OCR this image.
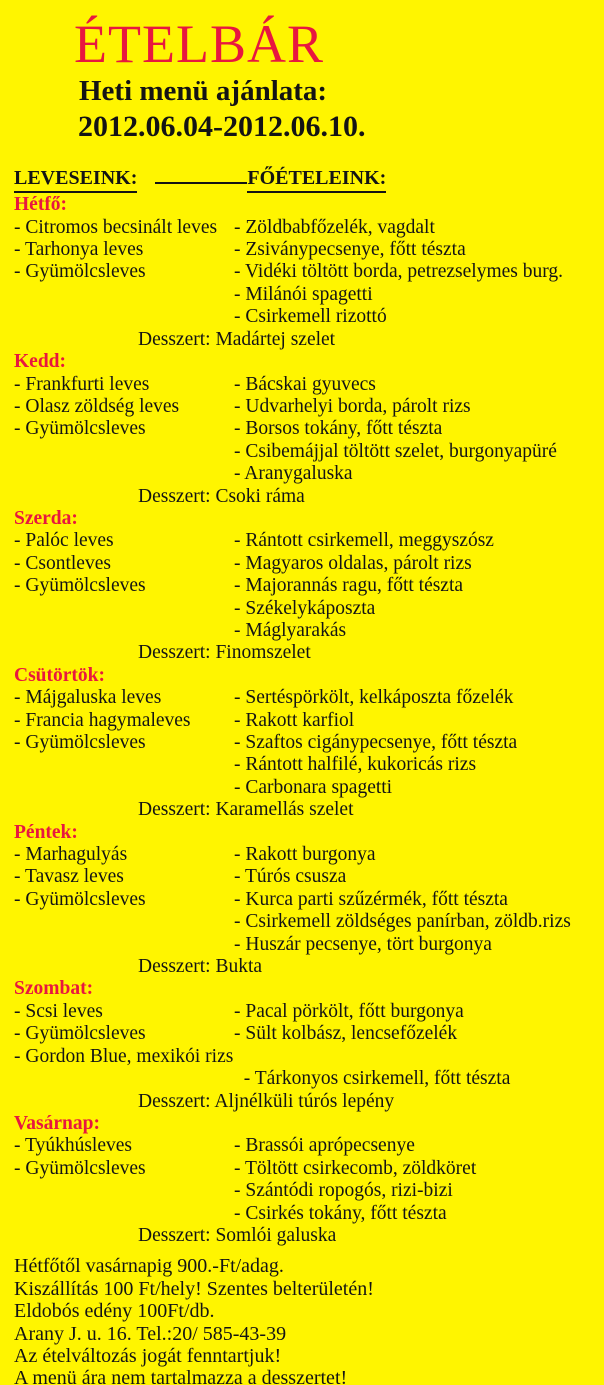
ÉTELBÁR
Heti menü ajánlata:
2012.06.04-2012.06.10.
LEVESEINK:	FŐÉTELEINK:
Hétfő:
- Citromos becsinált leves - Zöldbabfőzelék, vagdalt
- Tarhonya leves	- Zsiványpecsenye, főtt tészta
- Gyümölcsleves	- Vidéki töltött borda, petrezselymes burg.
- Milánói spagetti
- Csirkemell rizottó
Desszert: Madártej szelet
Kedd:
- Frankfurti leves	- Bácskai gyuvecs
- Olasz zöldség leves	- Udvarhelyi borda, párolt rizs
- Gyümölcsleves	- Borsos tokány, főtt tészta
- Csibemájjal töltött szelet, burgonyapüré
- Aranygaluska
Desszert: Csoki ráma
Szerda:
- Palóc leves	- Rántott csirkemell, meggyszósz
- Csontleves	- Magyaros oldalas, párolt rizs
- Gyümölcsleves	- Majorannás ragu, főtt tészta
- Székelykáposzta
- Máglyarakás
Desszert: Finomszelet
Csütörtök:
- Májgaluska leves	- Sertéspörkölt, kelkáposzta főzelék
- Francia hagymaleves	- Rakott karfiol
- Gyümölcsleves	- Szaftos cigánypecsenye, főtt tészta
- Rántott halfilé, kukoricás rizs
- Carbonara spagetti
Desszert: Karamellás szelet
Péntek:
- Marhagulyás	- Rakott burgonya
- Tavasz leves	- Túrós csusza
- Gyümölcsleves	- Kurca parti szűzérmék, főtt tészta
- Csirkemell zöldséges panírban, zöldb.rizs
- Huszár pecsenye, tört burgonya
Desszert: Bukta
Szombat:
- Scsi leves	- Pacal pörkölt, főtt burgonya
- Gyümölcsleves	- Sült kolbász, lencsefőzelék
- Gordon Blue, mexikói rizs
- Tárkonyos csirkemell, főtt tészta
Desszert: Aljnélküli túrós lepény
Vasárnap:
- Tyúkhúsleves	- Brassói aprópecsenye
- Gyümölcsleves	- Töltött csirkecomb, zöldköret
- Szántódi ropogós, rizi-bizi
- Csirkés tokány, főtt tészta
Desszert: Somlói galuska
Hétfőtől vasárnapig 900.-Ft/adag.
Kiszállítás 100 Ft/hely! Szentes belterületén!
Eldobós edény 100Ft/db.
Arany J. u. 16. Tel.:20/ 585-43-39
Az ételváltozás jogát fenntartjuk!
A menü ára nem tartalmazza a desszertet!
